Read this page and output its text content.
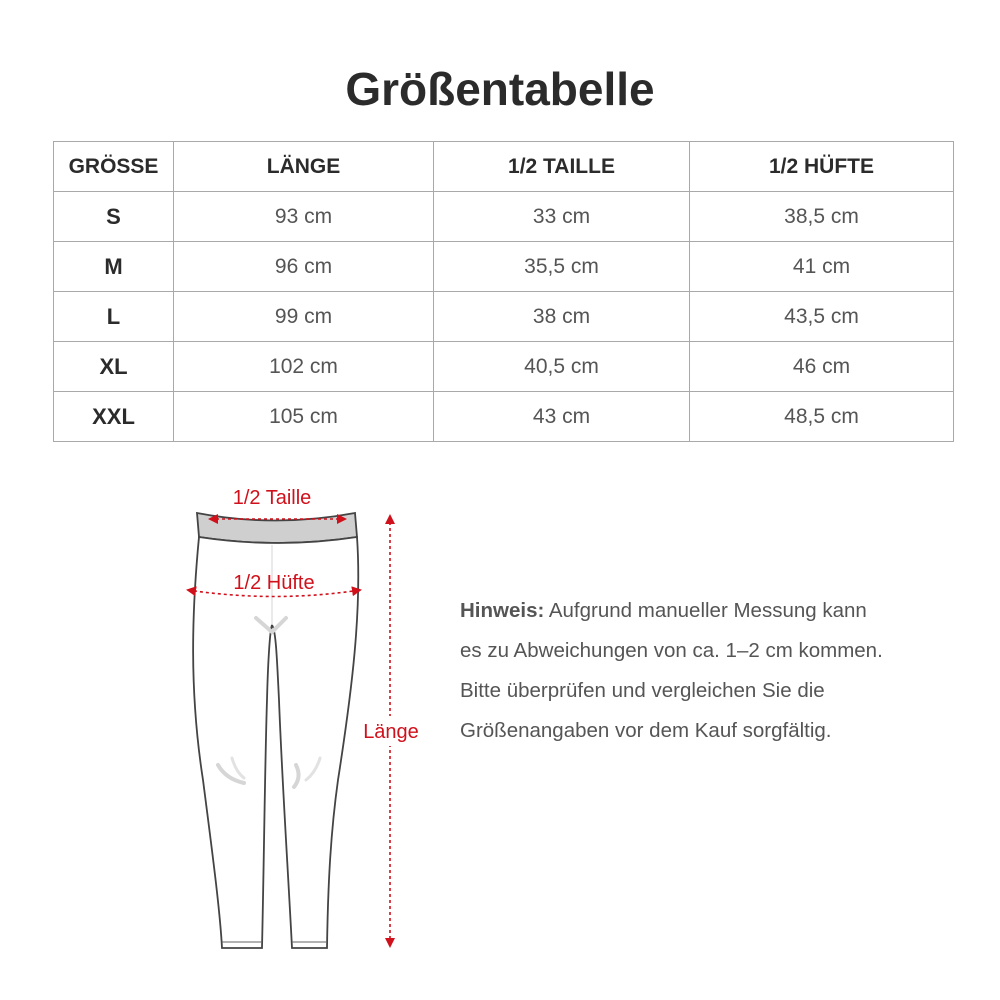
Größentabelle
GRÖSSE	LÄNGE	1/2 TAILLE	1/2 HÜFTE
S	93 cm	33 cm	38,5 cm
M	96 cm	35,5 cm	41 cm
L	99 cm	38 cm	43,5 cm
XL	102 cm	40,5 cm	46 cm
XXL	105 cm	43 cm	48,5 cm
1/2 Taille
1/2 Hüfte
Länge

Hinweis: Aufgrund manueller Messung kann
es zu Abweichungen von ca. 1–2 cm kommen.
Bitte überprüfen und vergleichen Sie die
Größenangaben vor dem Kauf sorgfältig.
